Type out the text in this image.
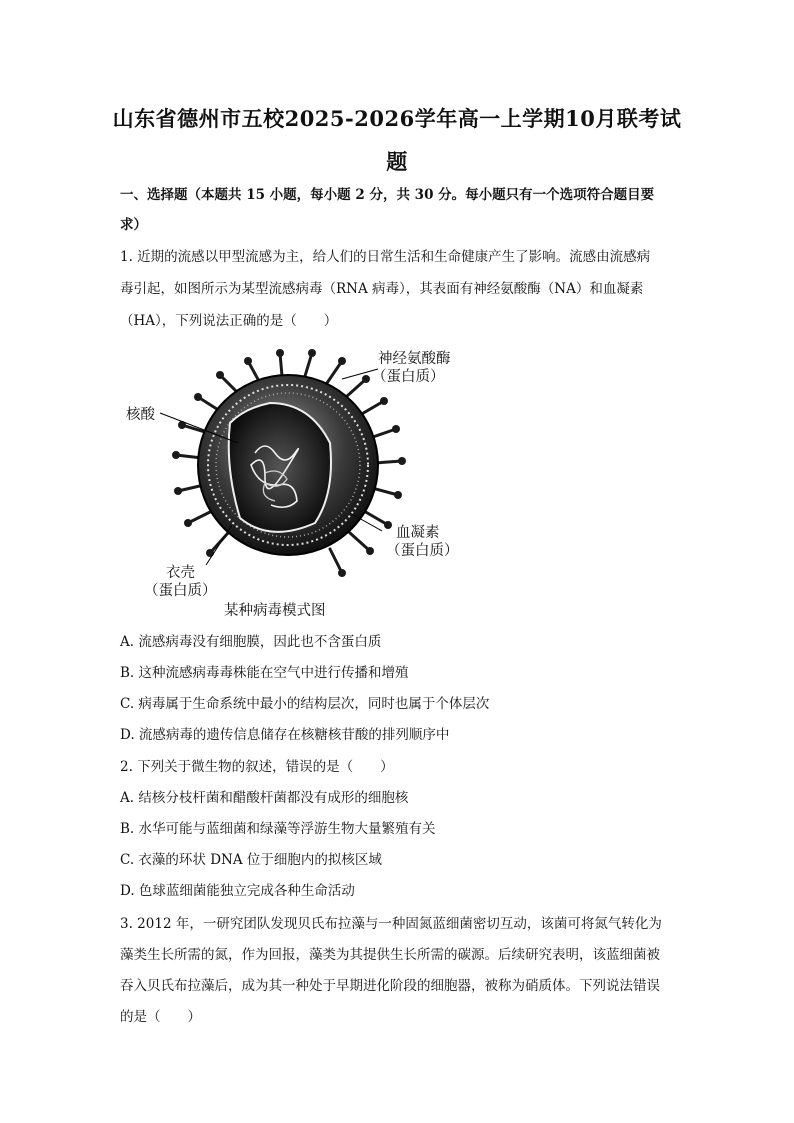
山东省德州市五校2025-2026学年高一上学期10月联考试
题
一、选择题（本题共 15 小题，每小题 2 分，共 30 分。每小题只有一个选项符合题目要
求）
1. 近期的流感以甲型流感为主，给人们的日常生活和生命健康产生了影响。流感由流感病
毒引起，如图所示为某型流感病毒（RNA 病毒），其表面有神经氨酸酶（NA）和血凝素
（HA），下列说法正确的是（　　）
神经氨酸酶
（蛋白质）
核酸
血凝素
（蛋白质）
衣壳
（蛋白质）
某种病毒模式图
A. 流感病毒没有细胞膜，因此也不含蛋白质
B. 这种流感病毒毒株能在空气中进行传播和增殖
C. 病毒属于生命系统中最小的结构层次，同时也属于个体层次
D. 流感病毒的遗传信息储存在核糖核苷酸的排列顺序中
2. 下列关于微生物的叙述，错误的是（　　）
A. 结核分枝杆菌和醋酸杆菌都没有成形的细胞核
B. 水华可能与蓝细菌和绿藻等浮游生物大量繁殖有关
C. 衣藻的环状 DNA 位于细胞内的拟核区域
D. 色球蓝细菌能独立完成各种生命活动
3. 2012 年，一研究团队发现贝氏布拉藻与一种固氮蓝细菌密切互动，该菌可将氮气转化为
藻类生长所需的氮，作为回报，藻类为其提供生长所需的碳源。后续研究表明，该蓝细菌被
吞入贝氏布拉藻后，成为其一种处于早期进化阶段的细胞器，被称为硝质体。下列说法错误
的是（　　）
